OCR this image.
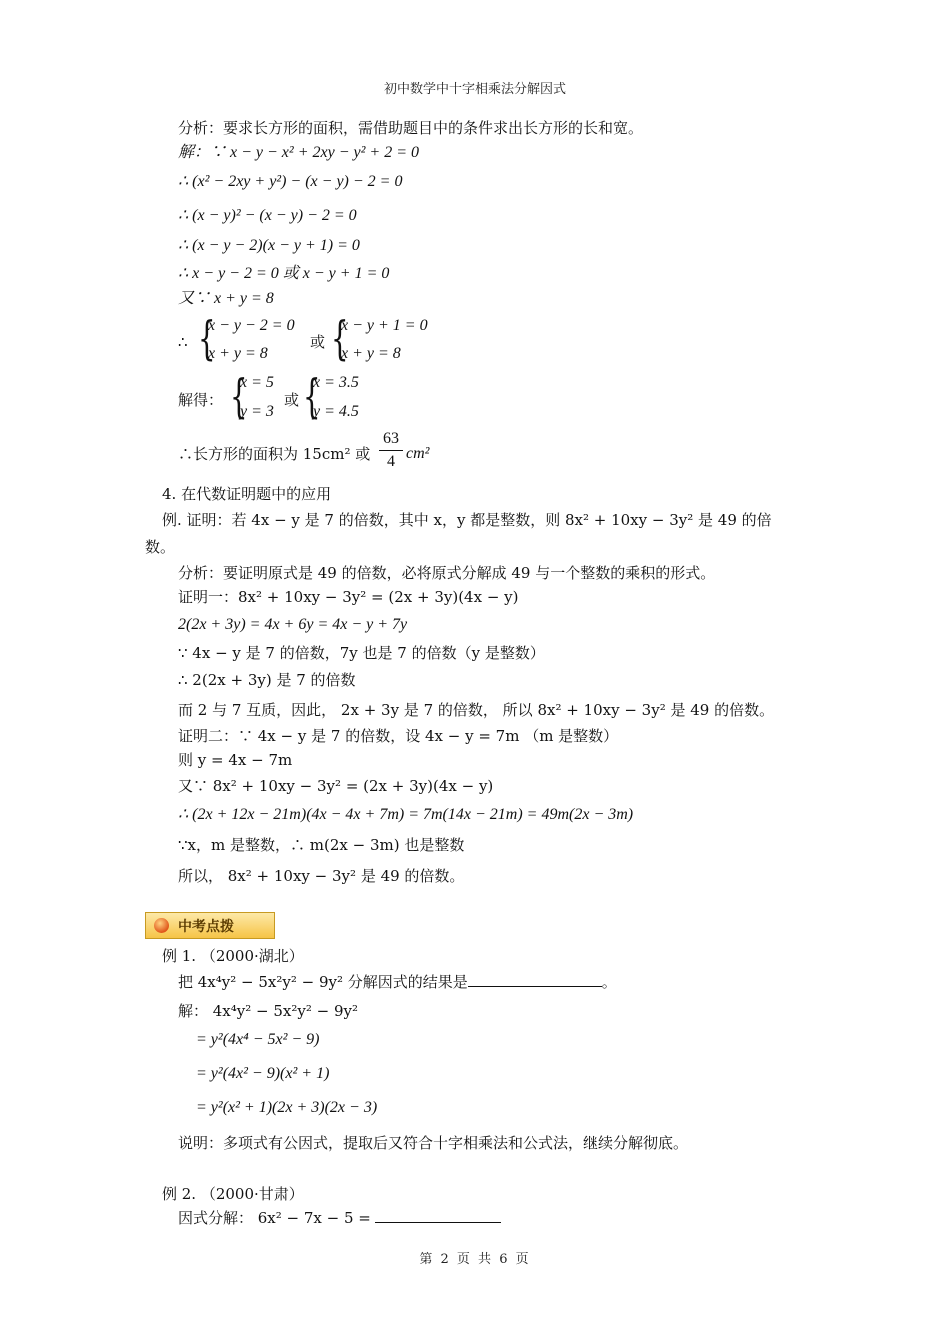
初中数学中十字相乘法分解因式
分析：要求长方形的面积，需借助题目中的条件求出长方形的长和宽。
解：∵ x − y − x² + 2xy − y² + 2 = 0
∴ (x² − 2xy + y²) − (x − y) − 2 = 0
∴ (x − y)² − (x − y) − 2 = 0
∴ (x − y − 2)(x − y + 1) = 0
∴ x − y − 2 = 0 或 x − y + 1 = 0
又∵ x + y = 8
∴ {
x − y − 2 = 0
x + y = 8
或 {
x − y + 1 = 0
x + y = 8
解得： {
x = 5
y = 3
或 {
x = 3.5
y = 4.5
∴长方形的面积为 15cm² 或
63
4 cm²
4. 在代数证明题中的应用
例. 证明：若 4x − y 是 7 的倍数，其中 x，y 都是整数，则 8x² + 10xy − 3y² 是 49 的倍
数。
分析：要证明原式是 49 的倍数，必将原式分解成 49 与一个整数的乘积的形式。
证明一：8x² + 10xy − 3y² = (2x + 3y)(4x − y)
2(2x + 3y) = 4x + 6y = 4x − y + 7y
∵ 4x − y 是 7 的倍数，7y 也是 7 的倍数（y 是整数）
∴ 2(2x + 3y) 是 7 的倍数
而 2 与 7 互质，因此， 2x + 3y 是 7 的倍数， 所以 8x² + 10xy − 3y² 是 49 的倍数。
证明二：∵ 4x − y 是 7 的倍数，设 4x − y = 7m （m 是整数）
则 y = 4x − 7m
又∵ 8x² + 10xy − 3y² = (2x + 3y)(4x − y)
∴ (2x + 12x − 21m)(4x − 4x + 7m) = 7m(14x − 21m) = 49m(2x − 3m)
∵x，m 是整数，∴ m(2x − 3m) 也是整数
所以， 8x² + 10xy − 3y² 是 49 的倍数。
中考点拨
例 1. （2000·湖北）
把 4x⁴y² − 5x²y² − 9y² 分解因式的结果是	。
解： 4x⁴y² − 5x²y² − 9y²
= y²(4x⁴ − 5x² − 9)
= y²(4x² − 9)(x² + 1)
= y²(x² + 1)(2x + 3)(2x − 3)
说明：多项式有公因式，提取后又符合十字相乘法和公式法，继续分解彻底。
例 2. （2000·甘肃）
因式分解： 6x² − 7x − 5 =
第 2 页 共 6 页
